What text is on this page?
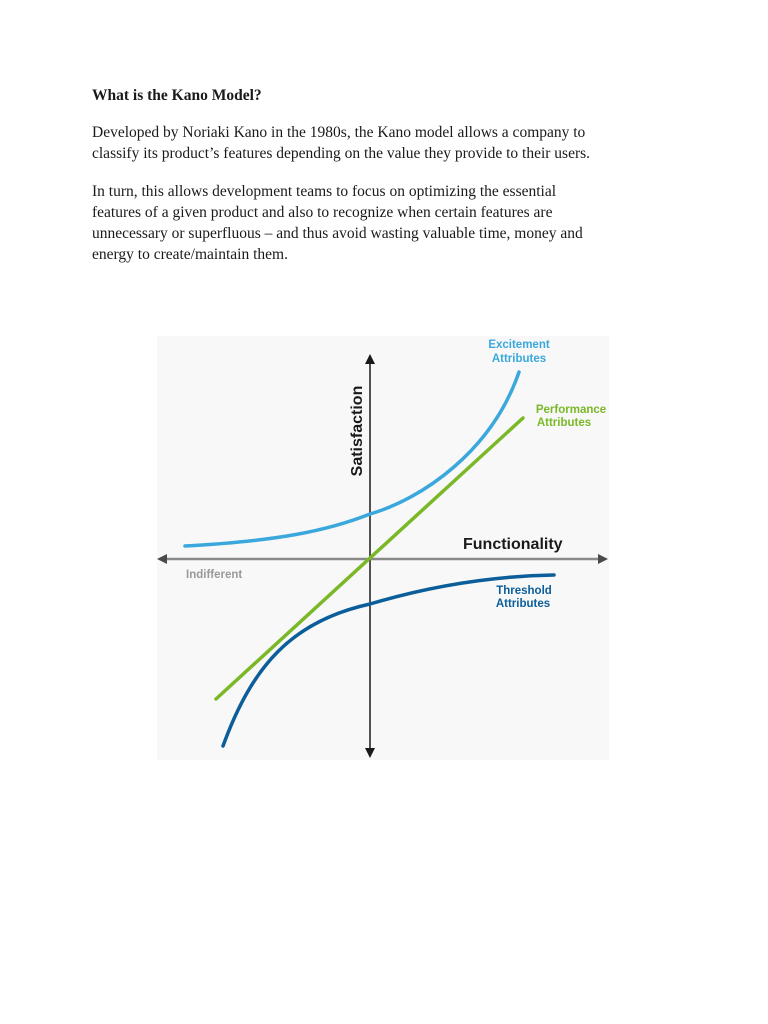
What is the Kano Model?

Developed by Noriaki Kano in the 1980s, the Kano model allows a company to
classify its product’s features depending on the value they provide to their users.

In turn, this allows development teams to focus on optimizing the essential
features of a given product and also to recognize when certain features are
unnecessary or superfluous – and thus avoid wasting valuable time, money and
energy to create/maintain them.

Satisfaction
Functionality
Indifferent
Excitement
Attributes
Performance
Attributes
Threshold
Attributes
